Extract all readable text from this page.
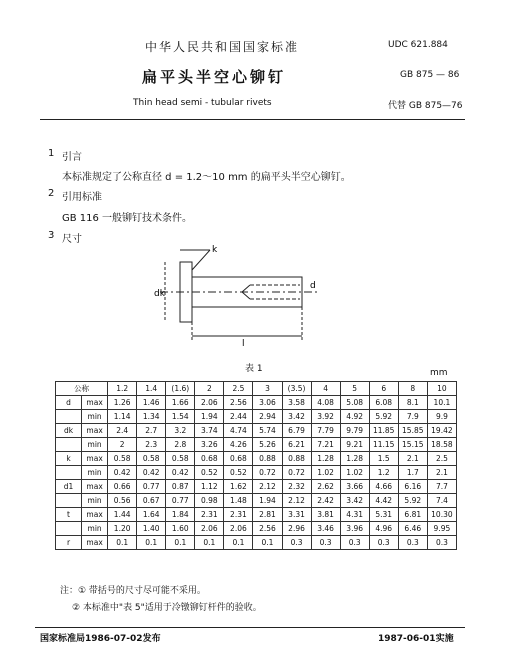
中华人民共和国国家标准	UDC 621.884
GB 875 — 86
代替 GB 875—76
扁平头半空心铆钉
Thin head semi - tubular rivets
1 引言
本标准规定了公称直径 d = 1.2～10 mm 的扁平头半空心铆钉。
2 引用标准
GB 116 一般铆钉技术条件。
3 尺寸
k
dk
l
d
表 1	mm
公称		1.2	1.4	(1.6)	2	2.5	3	(3.5)	4	5	6	8	10
d	max	1.26	1.46	1.66	2.06	2.56	3.06	3.58	4.08	5.08	6.08	8.1	10.1
	min	1.14	1.34	1.54	1.94	2.44	2.94	3.42	3.92	4.92	5.92	7.9	9.9
dk	max	2.4	2.7	3.2	3.74	4.74	5.74	6.79	7.79	9.79	11.85	15.85	19.42
	min	2	2.3	2.8	3.26	4.26	5.26	6.21	7.21	9.21	11.15	15.15	18.58
k	max	0.58	0.58	0.58	0.68	0.68	0.88	0.88	1.28	1.28	1.5	2.1	2.5
	min	0.42	0.42	0.42	0.52	0.52	0.72	0.72	1.02	1.02	1.2	1.7	2.1
d1	max	0.66	0.77	0.87	1.12	1.62	2.12	2.32	2.62	3.66	4.66	6.16	7.7
	min	0.56	0.67	0.77	0.98	1.48	1.94	2.12	2.42	3.42	4.42	5.92	7.4
t	max	1.44	1.64	1.84	2.31	2.31	2.81	3.31	3.81	4.31	5.31	6.81	10.30
	min	1.20	1.40	1.60	2.06	2.06	2.56	2.96	3.46	3.96	4.96	6.46	9.95
r	max	0.1	0.1	0.1	0.1	0.1	0.1	0.3	0.3	0.3	0.3	0.3	0.3
注：① 带括号的尺寸尽可能不采用。
② 本标准中"表 5"适用于冷镦铆钉杆件的验收。
国家标准局1986-07-02发布	1987-06-01实施
